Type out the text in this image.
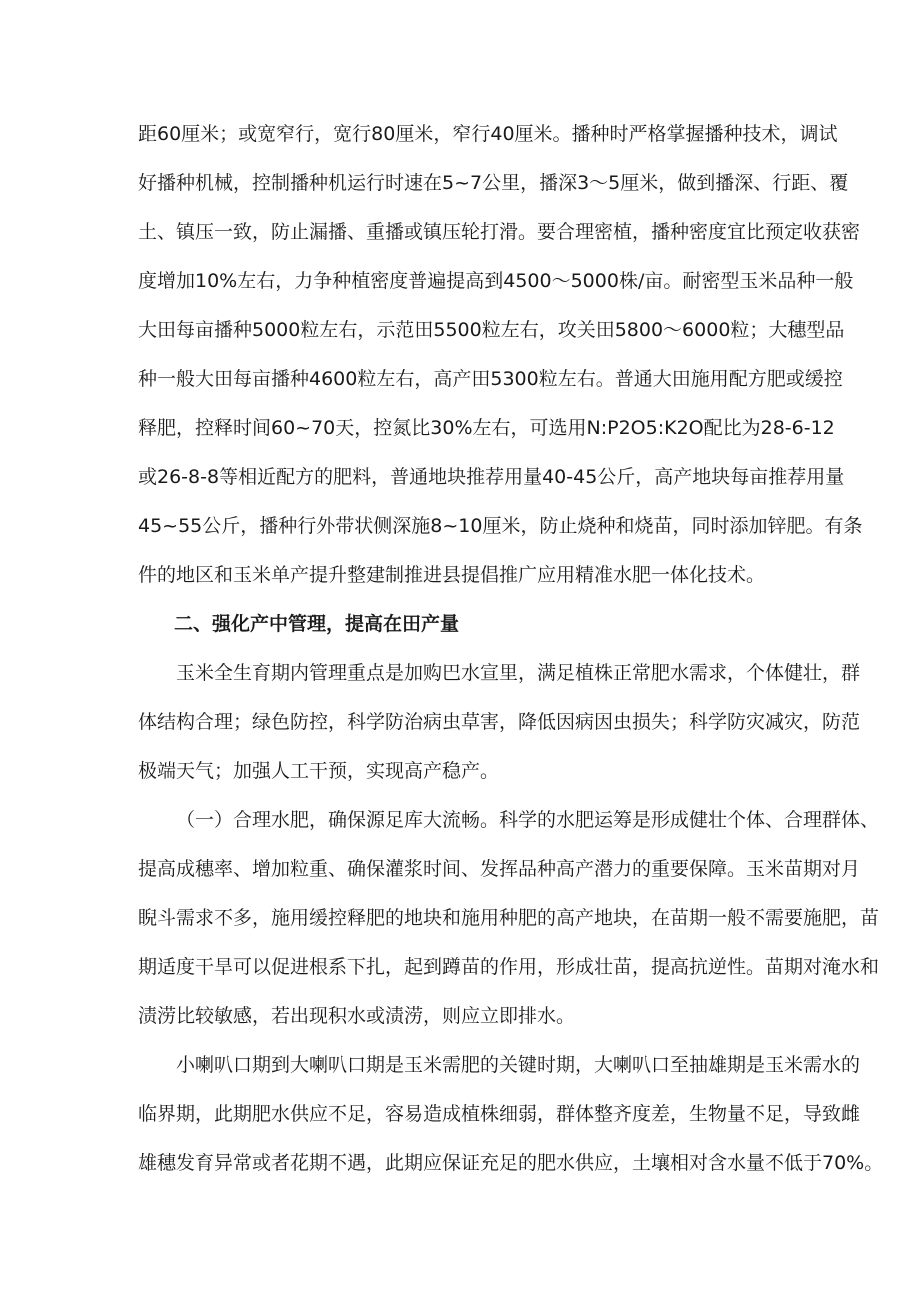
距60厘米；或宽窄行，宽行80厘米，窄行40厘米。播种时严格掌握播种技术，调试
好播种机械，控制播种机运行时速在5~7公里，播深3～5厘米，做到播深、行距、覆
土、镇压一致，防止漏播、重播或镇压轮打滑。要合理密植，播种密度宜比预定收获密
度增加10%左右，力争种植密度普遍提高到4500～5000株/亩。耐密型玉米品种一般
大田每亩播种5000粒左右，示范田5500粒左右，攻关田5800～6000粒；大穗型品
种一般大田每亩播种4600粒左右，高产田5300粒左右。普通大田施用配方肥或缓控
释肥，控释时间60~70天，控氮比30%左右，可选用N:P2O5:K2O配比为28-6-12
或26-8-8等相近配方的肥料，普通地块推荐用量40-45公斤，高产地块每亩推荐用量
45~55公斤，播种行外带状侧深施8~10厘米，防止烧种和烧苗，同时添加锌肥。有条
件的地区和玉米单产提升整建制推进县提倡推广应用精准水肥一体化技术。
二、强化产中管理，提高在田产量
玉米全生育期内管理重点是加购巴水宣里，满足植株正常肥水需求，个体健壮，群
体结构合理；绿色防控，科学防治病虫草害，降低因病因虫损失；科学防灾减灾，防范
极端天气；加强人工干预，实现高产稳产。
（一）合理水肥，确保源足库大流畅。科学的水肥运筹是形成健壮个体、合理群体、
提高成穗率、增加粒重、确保灌浆时间、发挥品种高产潜力的重要保障。玉米苗期对月
睨斗需求不多，施用缓控释肥的地块和施用种肥的高产地块，在苗期一般不需要施肥，苗
期适度干旱可以促进根系下扎，起到蹲苗的作用，形成壮苗，提高抗逆性。苗期对淹水和
渍涝比较敏感，若出现积水或渍涝，则应立即排水。
小喇叭口期到大喇叭口期是玉米需肥的关键时期，大喇叭口至抽雄期是玉米需水的
临界期，此期肥水供应不足，容易造成植株细弱，群体整齐度差，生物量不足，导致雌
雄穗发育异常或者花期不遇，此期应保证充足的肥水供应，土壤相对含水量不低于70%。
